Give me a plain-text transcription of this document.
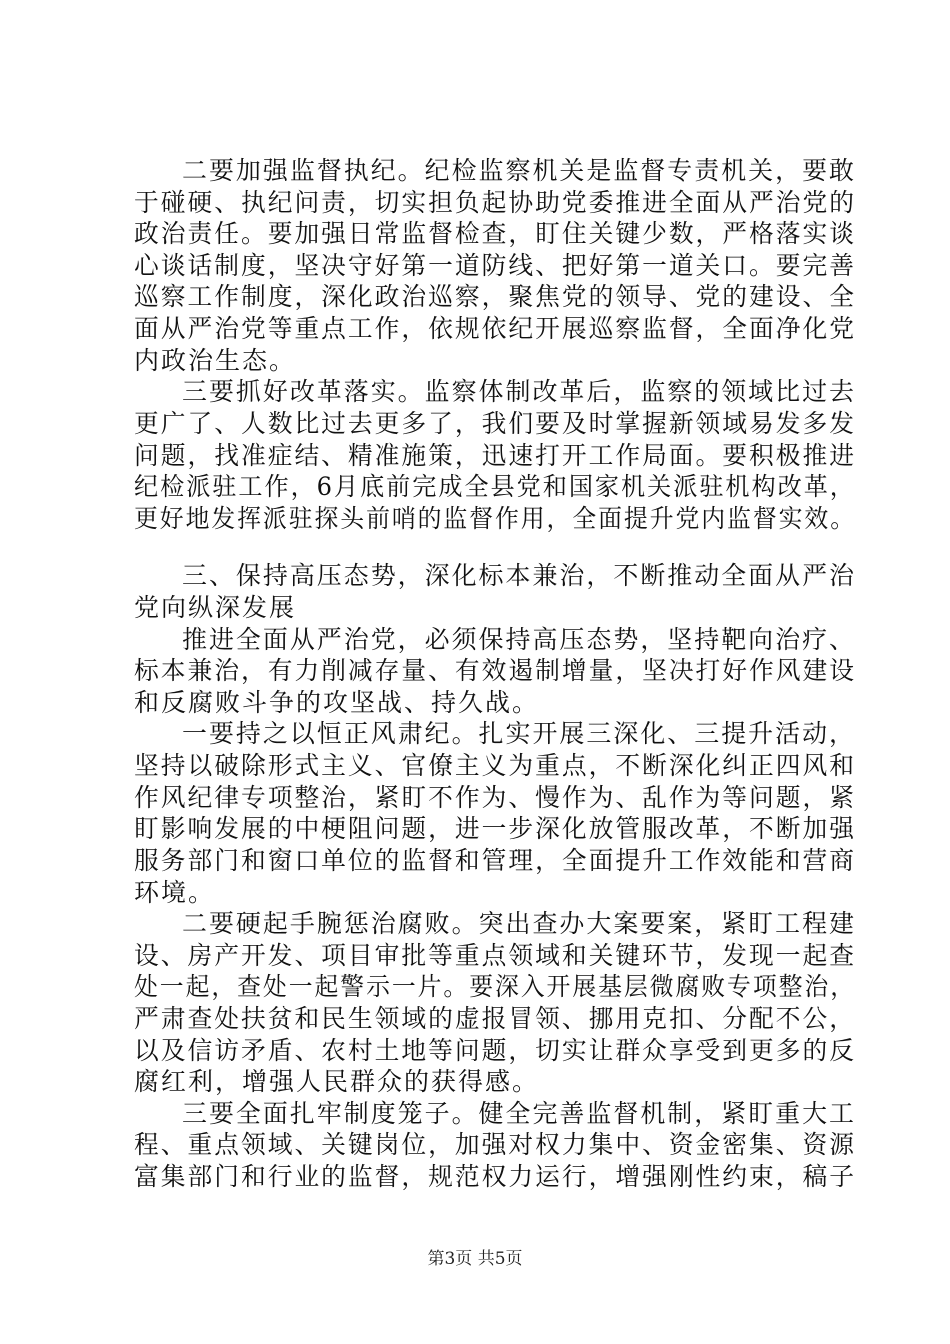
二要加强监督执纪。纪检监察机关是监督专责机关，要敢
于碰硬、执纪问责，切实担负起协助党委推进全面从严治党的
政治责任。要加强日常监督检查，盯住关键少数，严格落实谈
心谈话制度，坚决守好第一道防线、把好第一道关口。要完善
巡察工作制度，深化政治巡察，聚焦党的领导、党的建设、全
面从严治党等重点工作，依规依纪开展巡察监督，全面净化党
内政治生态。
三要抓好改革落实。监察体制改革后，监察的领域比过去
更广了、人数比过去更多了，我们要及时掌握新领域易发多发
问题，找准症结、精准施策，迅速打开工作局面。要积极推进
纪检派驻工作，6月底前完成全县党和国家机关派驻机构改革，
更好地发挥派驻探头前哨的监督作用，全面提升党内监督实效。
三、保持高压态势，深化标本兼治，不断推动全面从严治
党向纵深发展
推进全面从严治党，必须保持高压态势，坚持靶向治疗、
标本兼治，有力削减存量、有效遏制增量，坚决打好作风建设
和反腐败斗争的攻坚战、持久战。
一要持之以恒正风肃纪。扎实开展三深化、三提升活动，
坚持以破除形式主义、官僚主义为重点，不断深化纠正四风和
作风纪律专项整治，紧盯不作为、慢作为、乱作为等问题，紧
盯影响发展的中梗阻问题，进一步深化放管服改革，不断加强
服务部门和窗口单位的监督和管理，全面提升工作效能和营商
环境。
二要硬起手腕惩治腐败。突出查办大案要案，紧盯工程建
设、房产开发、项目审批等重点领域和关键环节，发现一起查
处一起，查处一起警示一片。要深入开展基层微腐败专项整治，
严肃查处扶贫和民生领域的虚报冒领、挪用克扣、分配不公，
以及信访矛盾、农村土地等问题，切实让群众享受到更多的反
腐红利，增强人民群众的获得感。
三要全面扎牢制度笼子。健全完善监督机制，紧盯重大工
程、重点领域、关键岗位，加强对权力集中、资金密集、资源
富集部门和行业的监督，规范权力运行，增强刚性约束，稿子
第3页 共5页
